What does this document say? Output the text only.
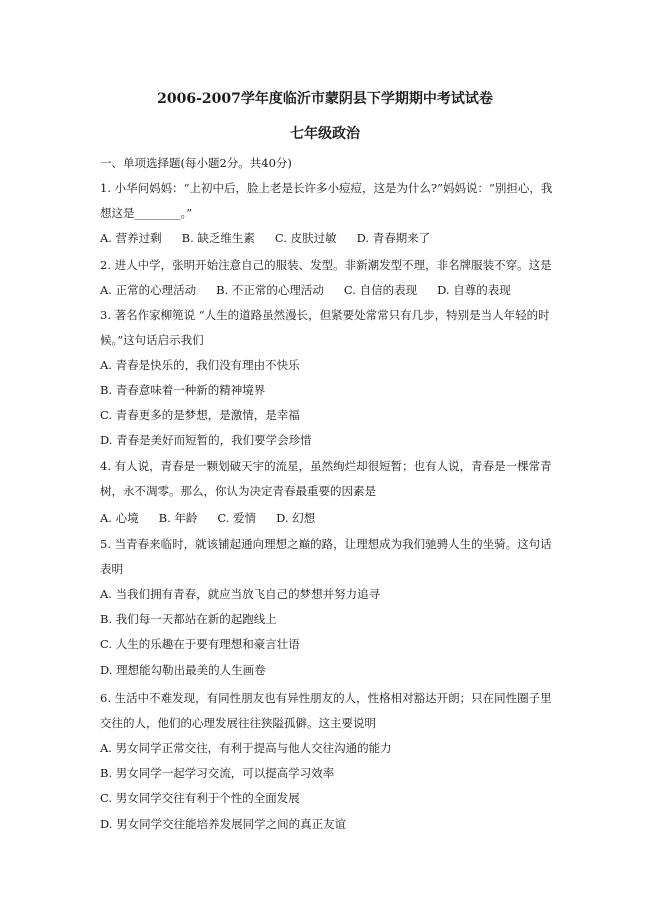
2006-2007学年度临沂市蒙阴县下学期期中考试试卷
七年级政治
一、单项选择题(每小题2分。共40分)
1. 小华问妈妈：“上初中后，脸上老是长许多小痘痘，这是为什么?”妈妈说：“别担心，我
想这是________。”
A. 营养过剩 B. 缺乏维生素 C. 皮肤过敏 D. 青春期来了
2. 进人中学，张明开始注意自己的服装、发型。非新潮发型不理，非名牌服装不穿。这是
A. 正常的心理活动 B. 不正常的心理活动 C. 自信的表现 D. 自尊的表现
3. 著名作家柳篼说 “人生的道路虽然漫长，但紧要处常常只有几步，特别是当人年轻的时
候。”这句话启示我们
A. 青春是快乐的，我们没有理由不快乐
B. 青春意味着一种新的精神境界
C. 青春更多的是梦想，是激情，是幸福
D. 青春是美好而短暂的，我们要学会珍惜
4. 有人说，青春是一颗划破天宇的流星，虽然绚烂却很短暂；也有人说，青春是一棵常青
树，永不凋零。那么，你认为决定青春最重要的因素是
A. 心境 B. 年龄 C. 爱情 D. 幻想
5. 当青春来临时，就该铺起通向理想之巅的路，让理想成为我们驰骋人生的坐骑。这句话
表明
A. 当我们拥有青春，就应当放飞自己的梦想并努力追寻
B. 我们每一天都站在新的起跑线上
C. 人生的乐趣在于要有理想和豪言壮语
D. 理想能勾勒出最美的人生画卷
6. 生活中不难发现，有同性朋友也有异性朋友的人，性格相对豁达开朗；只在同性圈子里
交往的人，他们的心理发展往往狭隘孤僻。这主要说明
A. 男女同学正常交往，有利于提高与他人交往沟通的能力
B. 男女同学一起学习交流，可以提高学习效率
C. 男女同学交往有利于个性的全面发展
D. 男女同学交往能培养发展同学之间的真正友谊
